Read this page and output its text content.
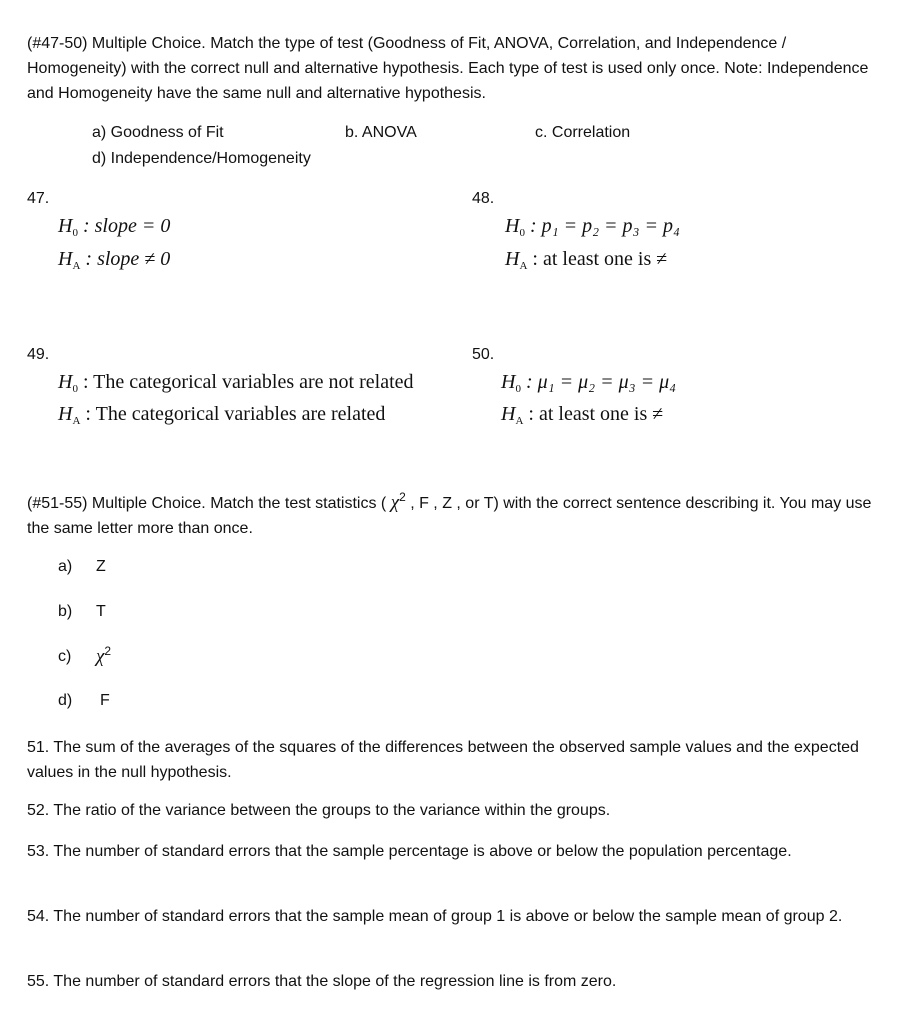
(#47-50) Multiple Choice. Match the type of test (Goodness of Fit, ANOVA, Correlation, and Independence / Homogeneity) with the correct null and alternative hypothesis. Each type of test is used only once. Note: Independence and Homogeneity have the same null and alternative hypothesis.
a) Goodness of Fit	b. ANOVA	c. Correlation
d) Independence/Homogeneity
47.
$H_0$ : slope = 0
$H_A$ : slope ≠ 0
48.
$H_0$ : p₁ = p₂ = p₃ = p₄
$H_A$ : at least one is ≠
49.
$H_0$ : The categorical variables are not related
$H_A$ : The categorical variables are related
50.
$H_0$ : μ₁ = μ₂ = μ₃ = μ₄
$H_A$ : at least one is ≠
(#51-55) Multiple Choice. Match the test statistics ( $\chi^2$ , F , Z , or T) with the correct sentence describing it. You may use the same letter more than once.
a) Z
b) T
c) $\chi^2$
d) F
51. The sum of the averages of the squares of the differences between the observed sample values and the expected values in the null hypothesis.
52. The ratio of the variance between the groups to the variance within the groups.
53. The number of standard errors that the sample percentage is above or below the population percentage.
54. The number of standard errors that the sample mean of group 1 is above or below the sample mean of group 2.
55. The number of standard errors that the slope of the regression line is from zero.
